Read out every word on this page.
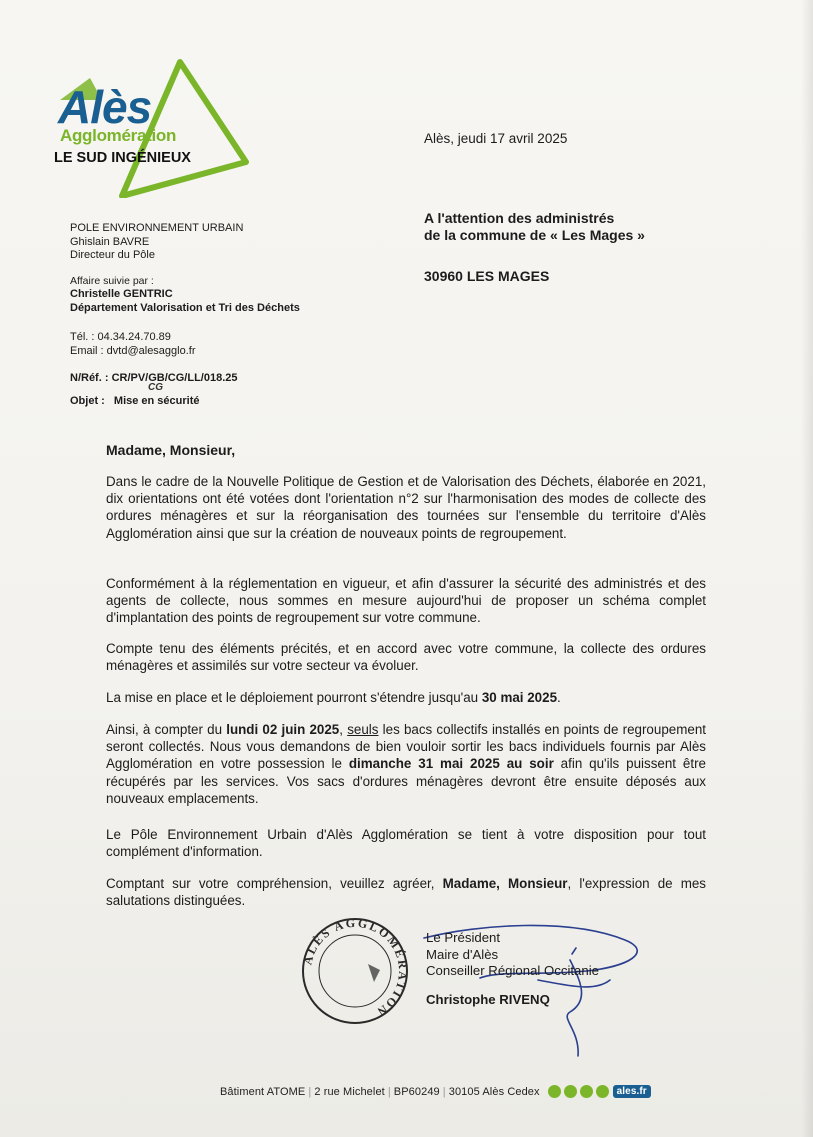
Alès
Agglomération
LE SUD INGÉNIEUX
Alès, jeudi 17 avril 2025
POLE ENVIRONNEMENT URBAIN
Ghislain BAVRE
Directeur du Pôle
Affaire suivie par :
Christelle GENTRIC
Département Valorisation et Tri des Déchets
Tél. : 04.34.24.70.89
Email : dvtd@alesagglo.fr
N/Réf. : CR/PV/GB/CG/LL/018.25
CG
Objet : Mise en sécurité
A l'attention des administrés
de la commune de « Les Mages »
30960 LES MAGES

Madame, Monsieur,

Dans le cadre de la Nouvelle Politique de Gestion et de Valorisation des Déchets, élaborée en 2021, dix orientations ont été votées dont l'orientation n°2 sur l'harmonisation des modes de collecte des ordures ménagères et sur la réorganisation des tournées sur l'ensemble du territoire d'Alès Agglomération ainsi que sur la création de nouveaux points de regroupement.

Conformément à la réglementation en vigueur, et afin d'assurer la sécurité des administrés et des agents de collecte, nous sommes en mesure aujourd'hui de proposer un schéma complet d'implantation des points de regroupement sur votre commune.

Compte tenu des éléments précités, et en accord avec votre commune, la collecte des ordures ménagères et assimilés sur votre secteur va évoluer.

La mise en place et le déploiement pourront s'étendre jusqu'au 30 mai 2025.

Ainsi, à compter du lundi 02 juin 2025, seuls les bacs collectifs installés en points de regroupement seront collectés. Nous vous demandons de bien vouloir sortir les bacs individuels fournis par Alès Agglomération en votre possession le dimanche 31 mai 2025 au soir afin qu'ils puissent être récupérés par les services. Vos sacs d'ordures ménagères devront être ensuite déposés aux nouveaux emplacements.

Le Pôle Environnement Urbain d'Alès Agglomération se tient à votre disposition pour tout complément d'information.

Comptant sur votre compréhension, veuillez agréer, Madame, Monsieur, l'expression de mes salutations distinguées.

ALÈS AGGLOMÉRATION
Le Président
Maire d'Alès
Conseiller Régional Occitanie
Christophe RIVENQ
Bâtiment ATOME | 2 rue Michelet | BP60249 | 30105 Alès Cedex	ales.fr
